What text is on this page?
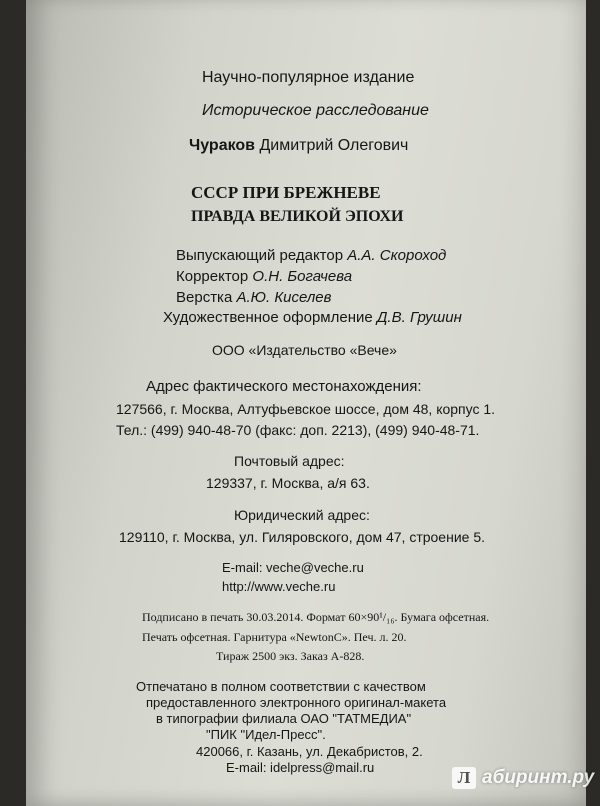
Научно-популярное издание
Историческое расследование
Чураков Димитрий Олегович
СССР ПРИ БРЕЖНЕВЕ
ПРАВДА ВЕЛИКОЙ ЭПОХИ
Выпускающий редактор А.А. Скороход
Корректор О.Н. Богачева
Верстка А.Ю. Киселев
Художественное оформление Д.В. Грушин
ООО «Издательство «Вече»
Адрес фактического местонахождения:
127566, г. Москва, Алтуфьевское шоссе, дом 48, корпус 1.
Тел.: (499) 940-48-70 (факс: доп. 2213), (499) 940-48-71.
Почтовый адрес:
129337, г. Москва, а/я 63.
Юридический адрес:
129110, г. Москва, ул. Гиляровского, дом 47, строение 5.
E-mail: veche@veche.ru
http://www.veche.ru
Подписано в печать 30.03.2014. Формат 60×90¹/₁₆. Бумага офсетная.
Печать офсетная. Гарнитура «NewtonC». Печ. л. 20.
Тираж 2500 экз. Заказ А-828.
Отпечатано в полном соответствии с качеством
предоставленного электронного оригинал-макета
в типографии филиала ОАО "ТАТМЕДИА"
"ПИК "Идел-Пресс".
420066, г. Казань, ул. Декабристов, 2.
E-mail: idelpress@mail.ru
Л абиринт.ру
